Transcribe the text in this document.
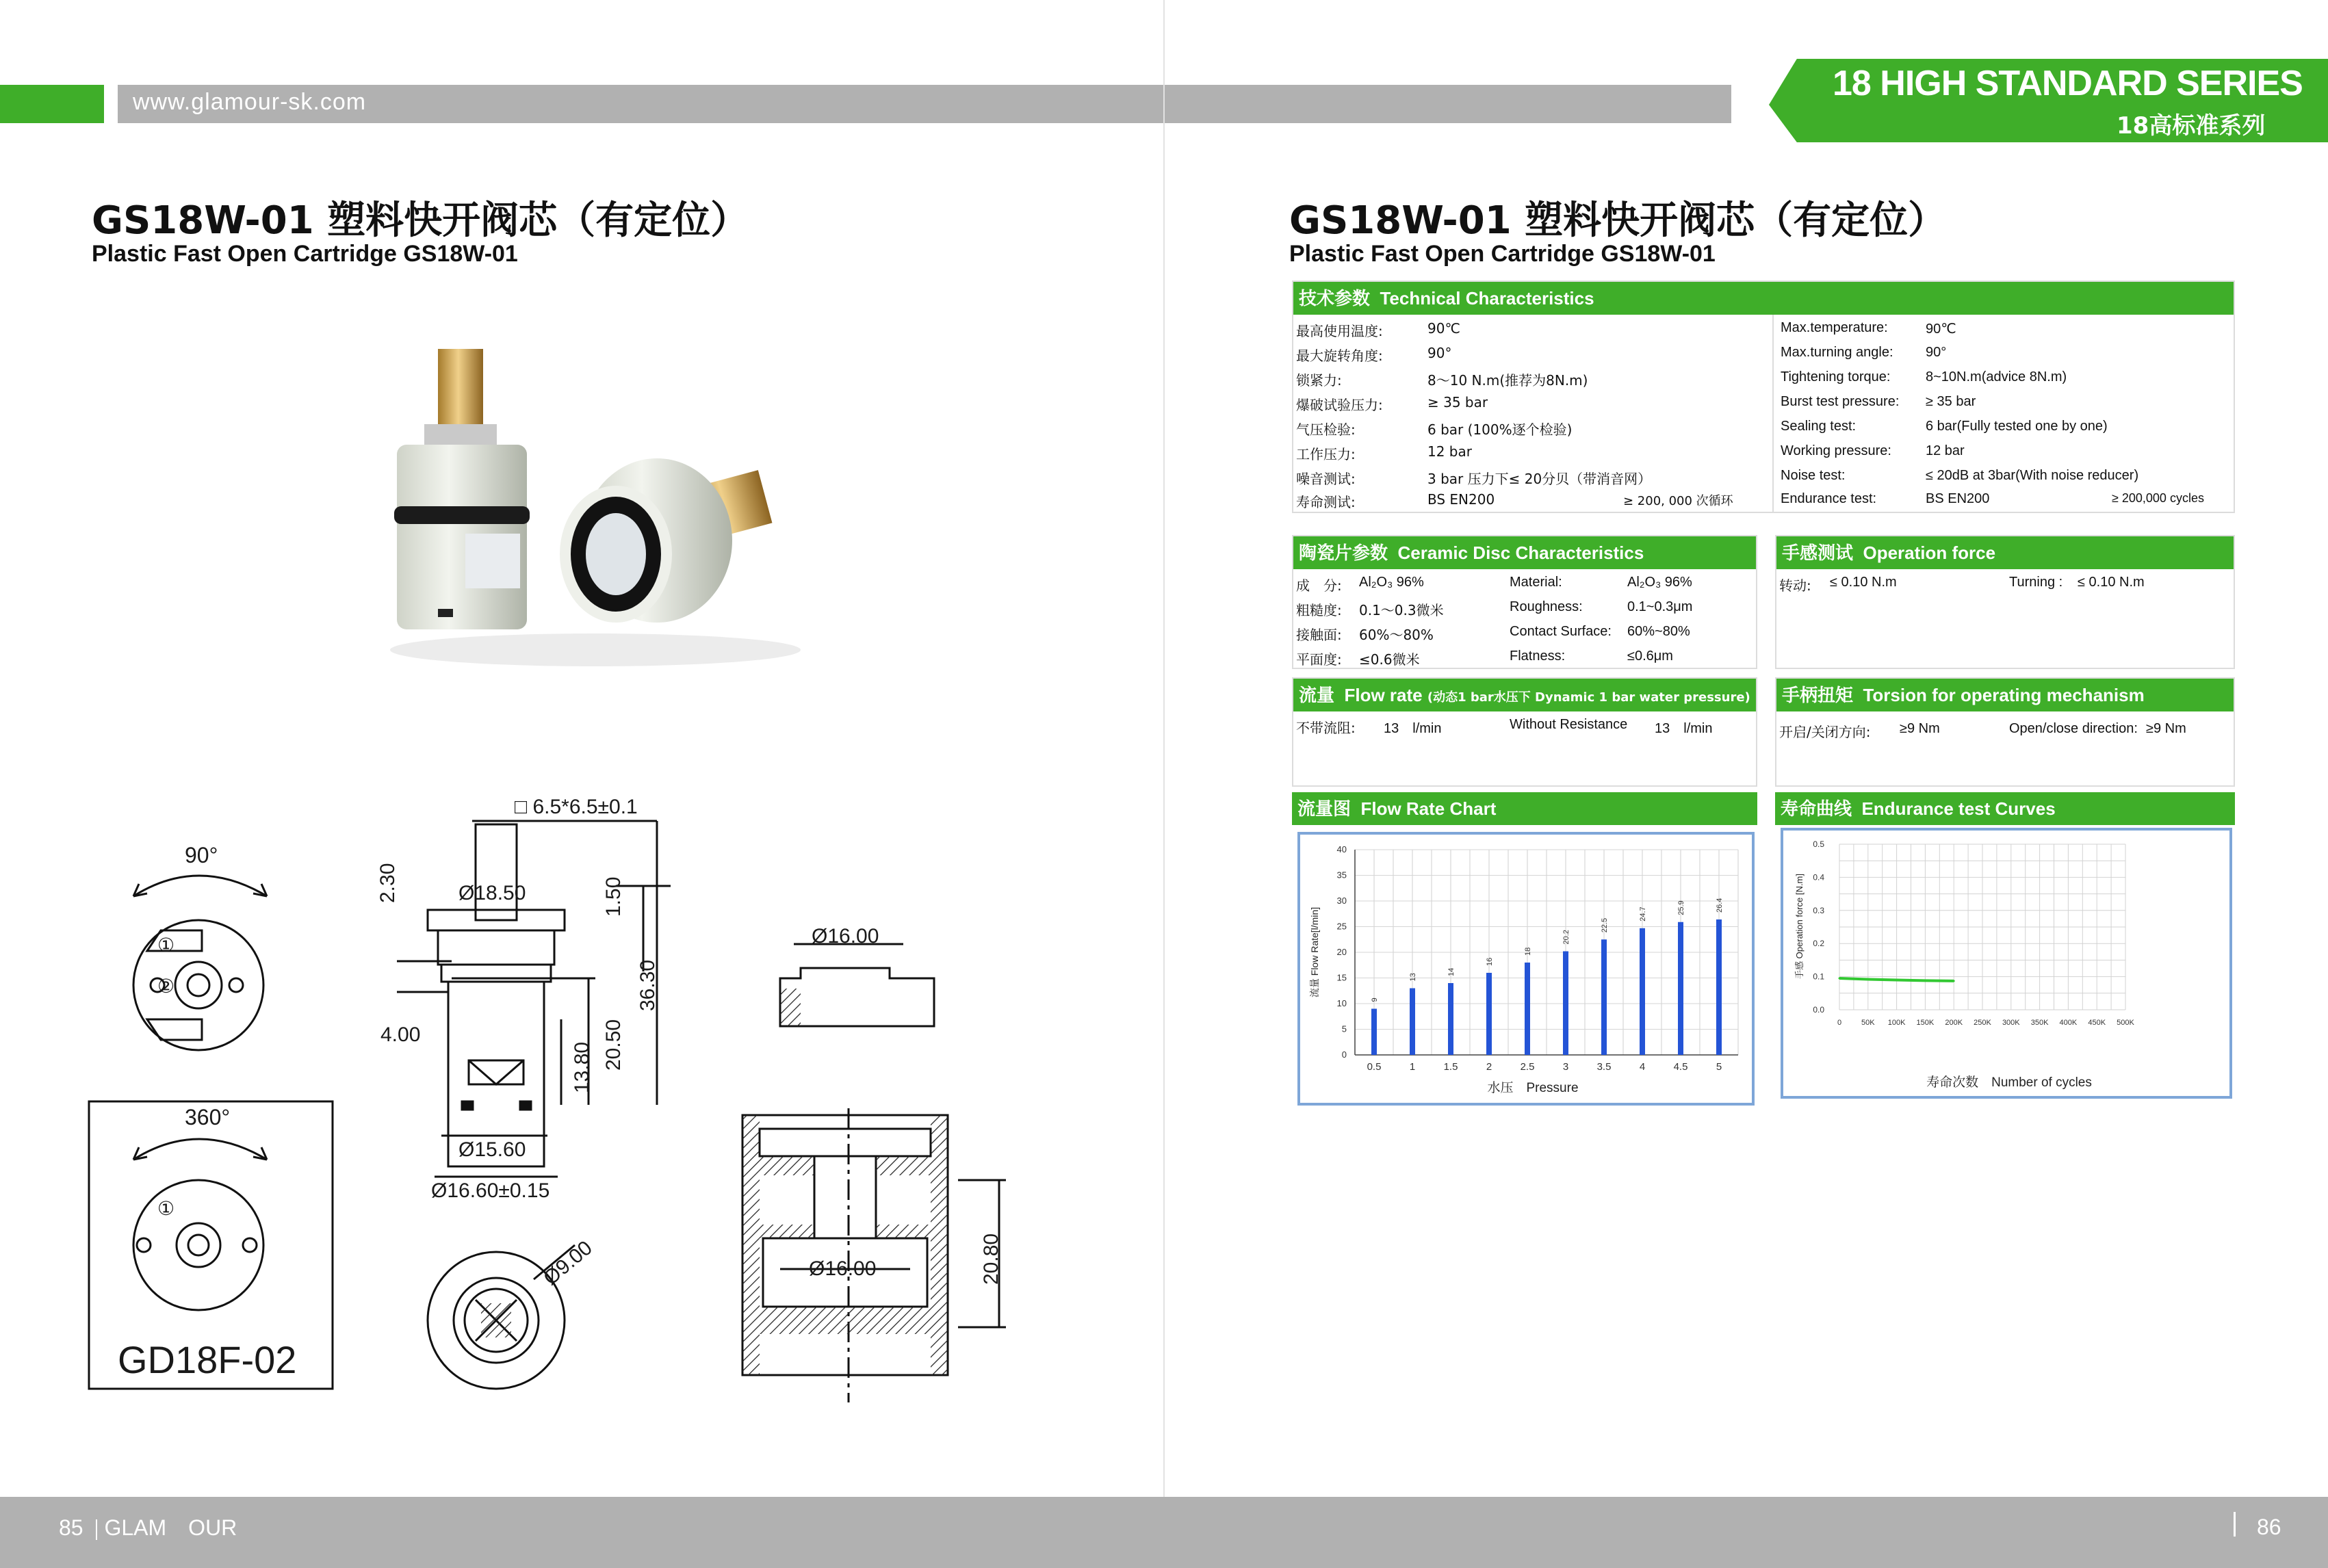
www.glamour-sk.com	18 HIGH STANDARD SERIES
18高标准系列
GS18W-01 塑料快开阀芯（有定位）
Plastic Fast Open Cartridge GS18W-01
90°
360°
GD18F-02
①
②
①
□ 6.5*6.5±0.1
Ø18.50
2.30	1.50
36.30
4.00	20.50
13.80
Ø15.60
Ø16.60±0.15
Ø9.00
Ø16.00
Ø16.00	20.80
GS18W-01 塑料快开阀芯（有定位）
Plastic Fast Open Cartridge GS18W-01
技术参数 Technical Characteristics
最高使用温度:	90℃	Max.temperature:	90℃
最大旋转角度:	90°	Max.turning angle: 90°
锁紧力:	8～10 N.m(推荐为8N.m)	Tightening torque:	8~10N.m(advice 8N.m)
爆破试验压力:	≥ 35 bar	Burst test pressure: ≥ 35 bar
气压检验:	6 bar (100%逐个检验)	Sealing test:	6 bar(Fully tested one by one)
工作压力:	12 bar	Working pressure:	12 bar
噪音测试:	3 bar 压力下≤ 20分贝（带消音网）	Noise test:	≤ 20dB at 3bar(With noise reducer)
寿命测试:	BS EN200	≥ 200, 000 次循环	Endurance test:	BS EN200	≥ 200,000 cycles
陶瓷片参数 Ceramic Disc Characteristics
成　分: Al₂O₃ 96%	Material:	Al₂O₃ 96%
粗糙度: 0.1～0.3微米	Roughness:	0.1~0.3μm
接触面: 60%～80%	Contact Surface: 60%~80%
平面度: ≤0.6微米	Flatness:	≤0.6μm
手感测试 Operation force
转动: ≤ 0.10 N.m	Turning : ≤ 0.10 N.m
流量 Flow rate (动态1 bar水压下 Dynamic 1 bar water pressure)
不带流阻: 13　l/min	Without Resistance 13　l/min
手柄扭矩 Torsion for operating mechanism
开启/关闭方向: ≥9 Nm	Open/close direction: ≥9 Nm
流量图 Flow Rate Chart
0
5
10
15
20
25
30
35
40
9
0.5
13
1
14
1.5
16
2
18
2.5
20.2
3
22.5
3.5
24.7
4
25.9
4.5
26.4
5
水压　Pressure
流量 Flow Rate[l/min]
寿命曲线 Endurance test Curves
0.0
0.1
0.2
0.3
0.4
0.5
0	50K 100K 150K 200K 250K 300K 350K 400K 450K 500K
寿命次数　Number of cycles
手感 Operation force [N.m]
85 GLAM　OUR	86
